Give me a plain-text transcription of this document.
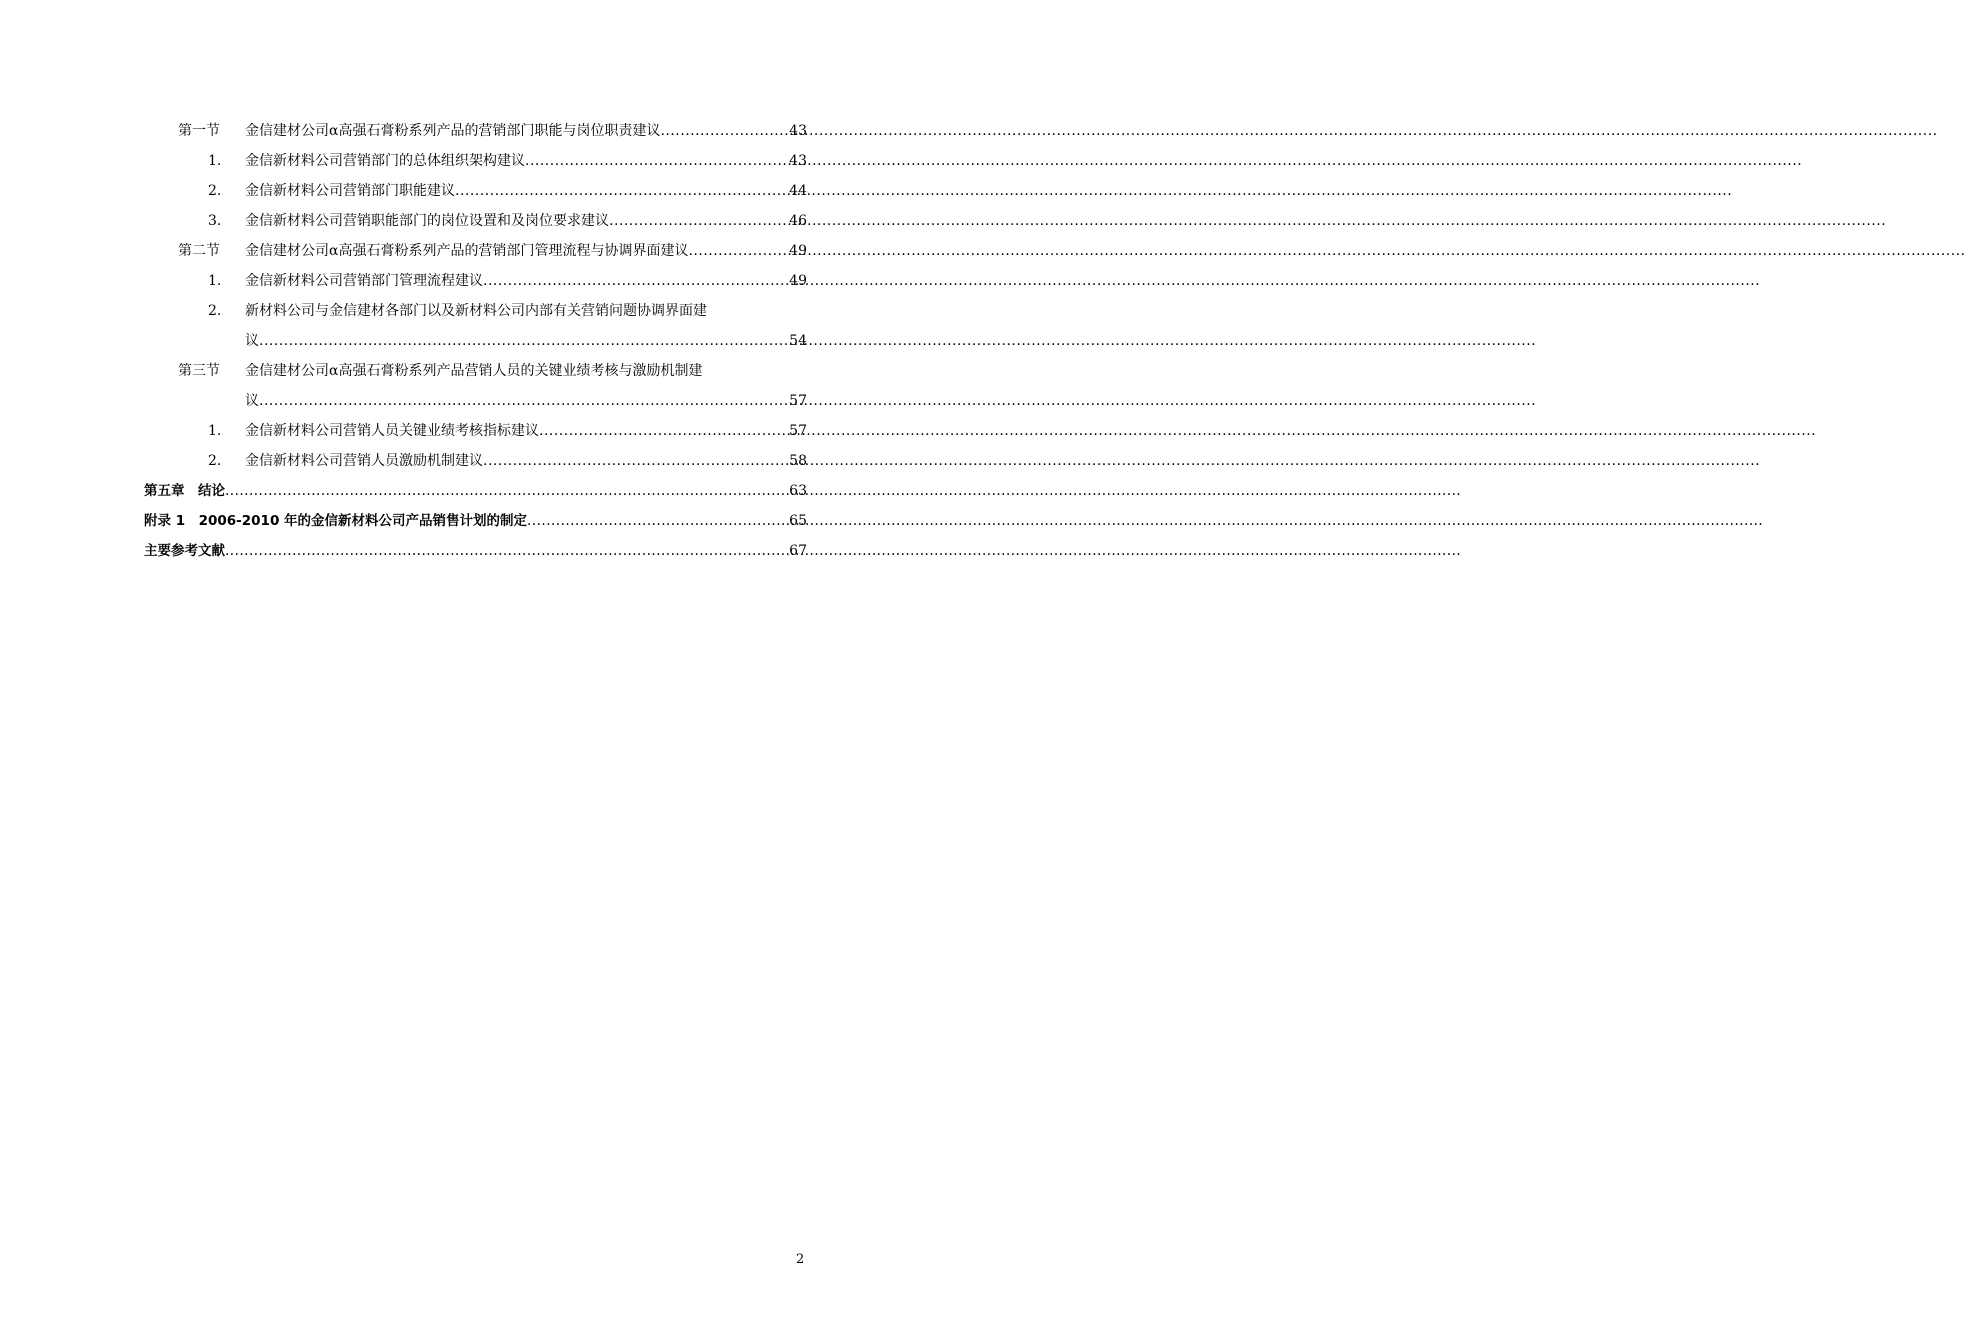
第一节	金信建材公司α高强石膏粉系列产品的营销部门职能与岗位职责建议 .....	43
1.	金信新材料公司营销部门的总体组织架构建议 .....	43
2.	金信新材料公司营销部门职能建议 .....	44
3.	金信新材料公司营销职能部门的岗位设置和及岗位要求建议 .....	46
第二节	金信建材公司α高强石膏粉系列产品的营销部门管理流程与协调界面建议 .....	49
1.	金信新材料公司营销部门管理流程建议 .....	49
2.	新材料公司与金信建材各部门以及新材料公司内部有关营销问题协调界面建
议 .....	54
第三节	金信建材公司α高强石膏粉系列产品营销人员的关键业绩考核与激励机制建
议 .....	57
1.	金信新材料公司营销人员关键业绩考核指标建议 .....	57
2.	金信新材料公司营销人员激励机制建议 .....	58
第五章　结论 .....	63
附录 1　2006-2010 年的金信新材料公司产品销售计划的制定 .....	65
主要参考文献 .....	67
2
